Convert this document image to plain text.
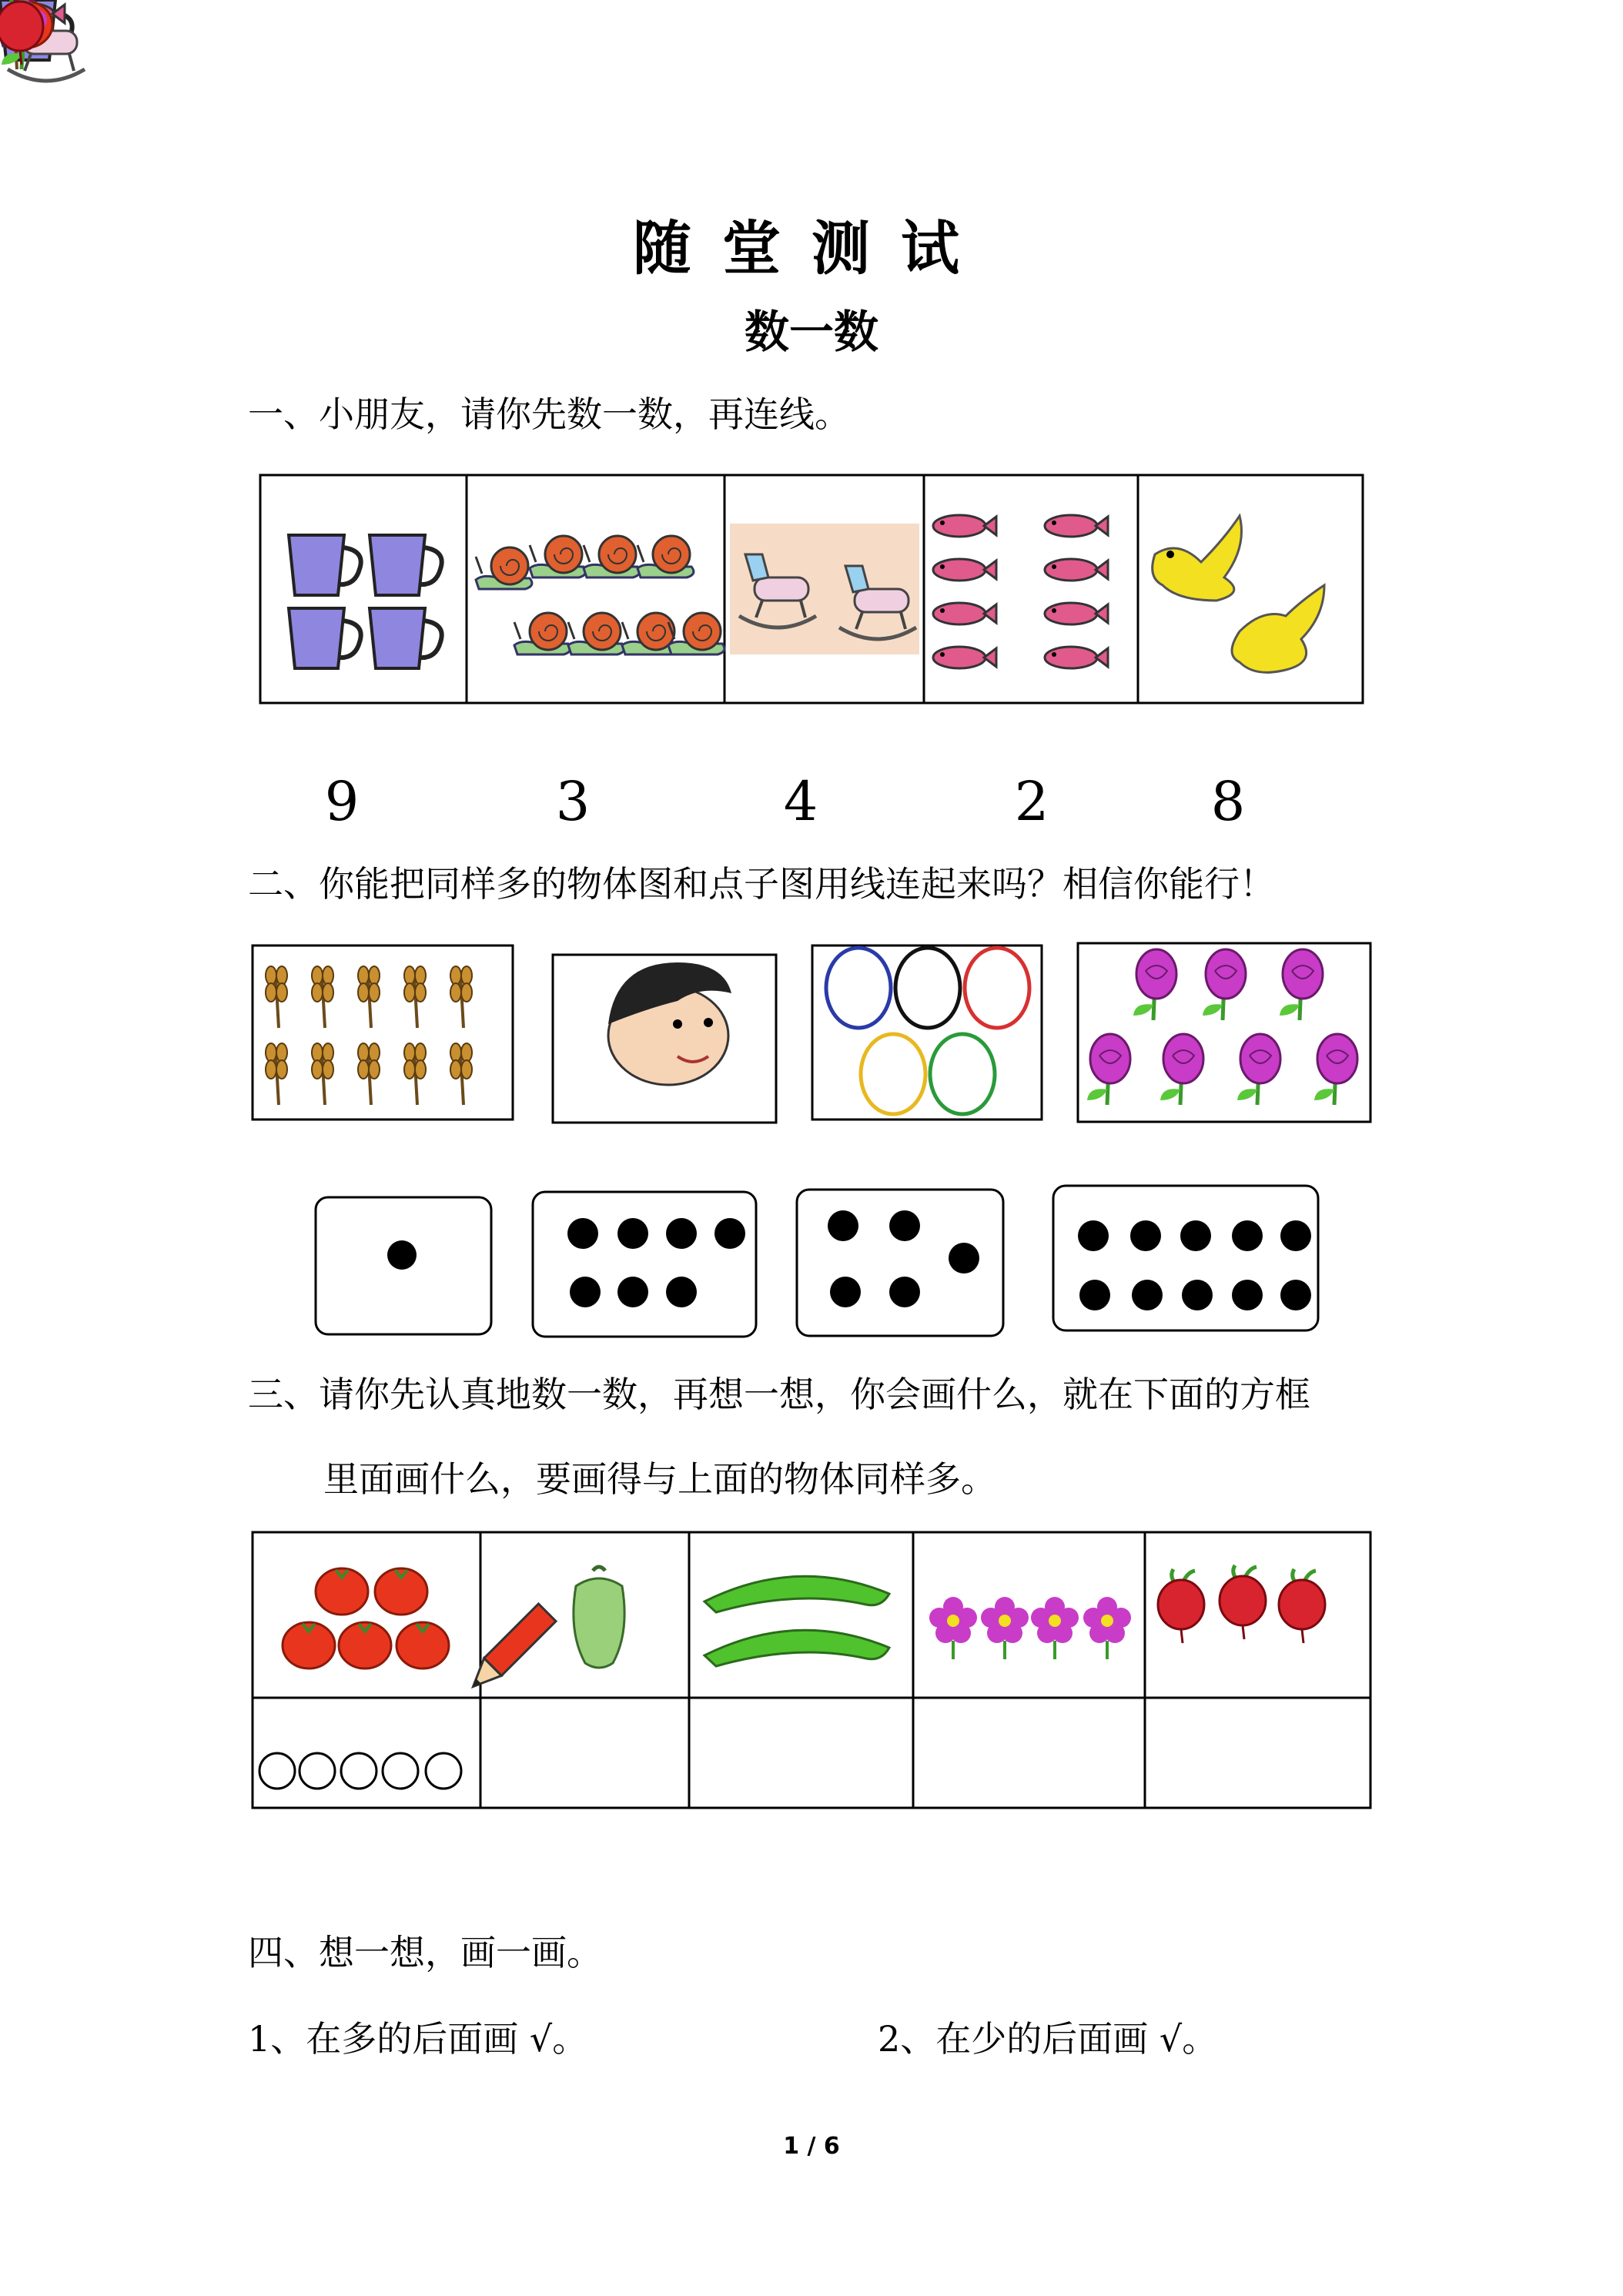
随堂测试
数一数
一、小朋友，请你先数一数，再连线。
9	3	4	2	8
二、你能把同样多的物体图和点子图用线连起来吗？相信你能行！
三、请你先认真地数一数，再想一想，你会画什么，就在下面的方框
里面画什么，要画得与上面的物体同样多。
四、想一想，画一画。
1、在多的后面画 √。	2、在少的后面画 √。
1 / 6
